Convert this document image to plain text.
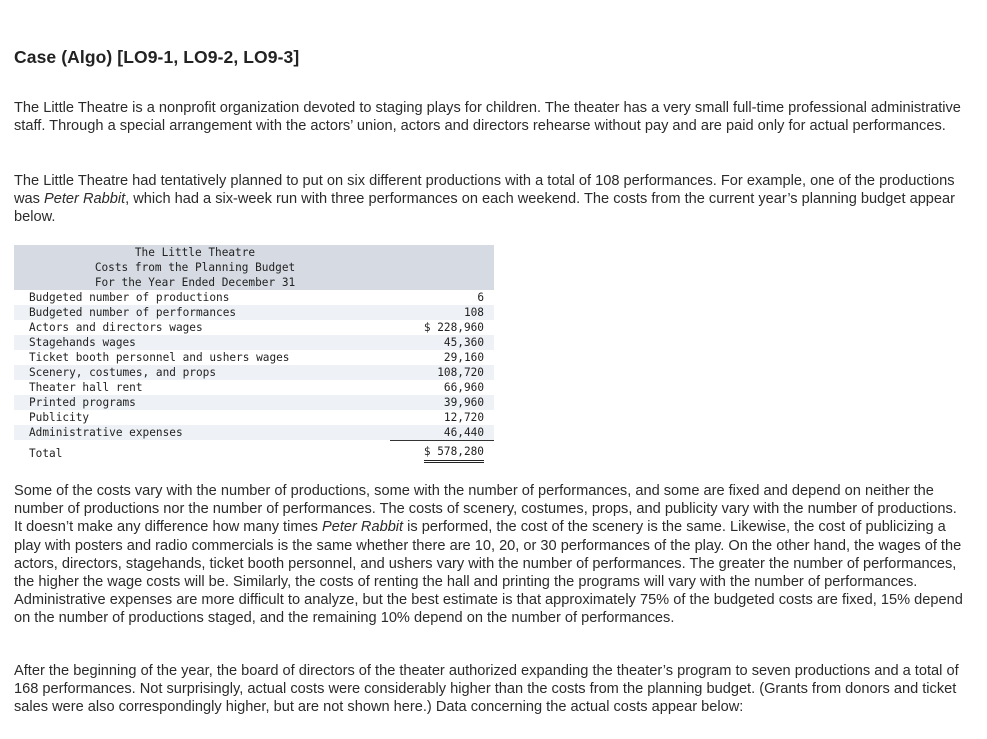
Case (Algo) [LO9-1, LO9-2, LO9-3]

The Little Theatre is a nonprofit organization devoted to staging plays for children. The theater has a very small full-time professional administrative staff. Through a special arrangement with the actors’ union, actors and directors rehearse without pay and are paid only for actual performances.

The Little Theatre had tentatively planned to put on six different productions with a total of 108 performances. For example, one of the productions was Peter Rabbit, which had a six-week run with three performances on each weekend. The costs from the current year’s planning budget appear below.

The Little Theatre
Costs from the Planning Budget
For the Year Ended December 31
Budgeted number of productions	6
Budgeted number of performances	108
Actors and directors wages	$ 228,960
Stagehands wages	45,360
Ticket booth personnel and ushers wages	29,160
Scenery, costumes, and props	108,720
Theater hall rent	66,960
Printed programs	39,960
Publicity	12,720
Administrative expenses	46,440
Total	$ 578,280

Some of the costs vary with the number of productions, some with the number of performances, and some are fixed and depend on neither the number of productions nor the number of performances. The costs of scenery, costumes, props, and publicity vary with the number of productions. It doesn’t make any difference how many times Peter Rabbit is performed, the cost of the scenery is the same. Likewise, the cost of publicizing a play with posters and radio commercials is the same whether there are 10, 20, or 30 performances of the play. On the other hand, the wages of the actors, directors, stagehands, ticket booth personnel, and ushers vary with the number of performances. The greater the number of performances, the higher the wage costs will be. Similarly, the costs of renting the hall and printing the programs will vary with the number of performances. Administrative expenses are more difficult to analyze, but the best estimate is that approximately 75% of the budgeted costs are fixed, 15% depend on the number of productions staged, and the remaining 10% depend on the number of performances.

After the beginning of the year, the board of directors of the theater authorized expanding the theater’s program to seven productions and a total of 168 performances. Not surprisingly, actual costs were considerably higher than the costs from the planning budget. (Grants from donors and ticket sales were also correspondingly higher, but are not shown here.) Data concerning the actual costs appear below:
